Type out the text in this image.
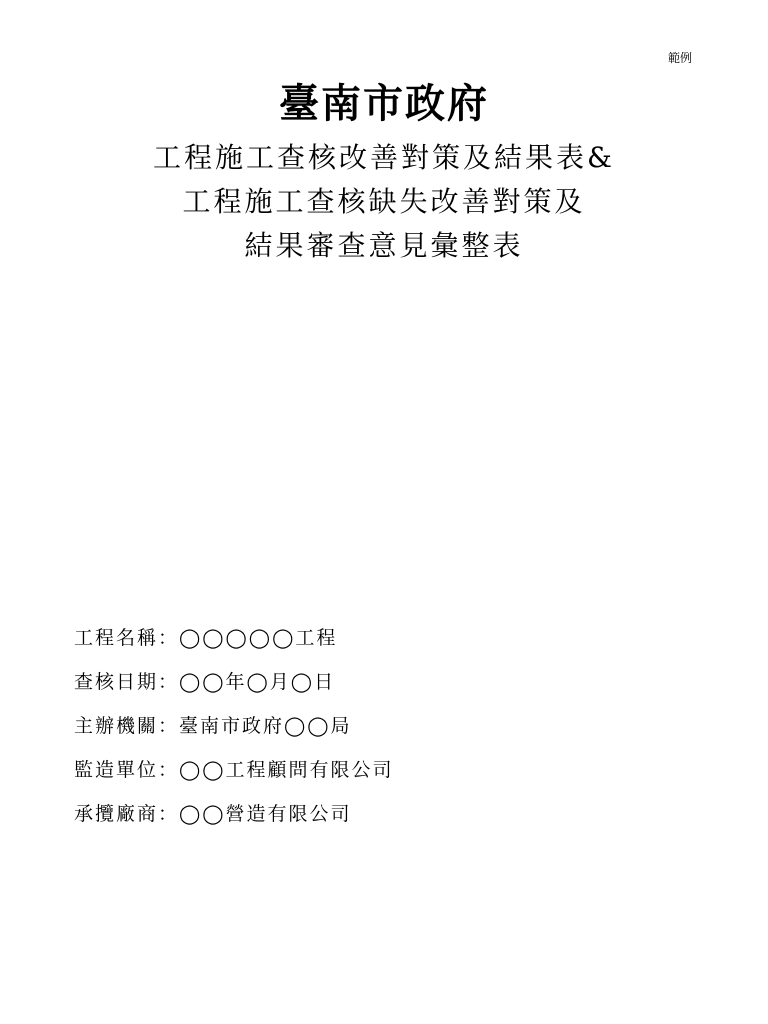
範例
臺南市政府
工程施工查核改善對策及結果表&
工程施工查核缺失改善對策及
結果審查意見彙整表
工程名稱：◯◯◯◯◯工程
查核日期：◯◯年◯月◯日
主辦機關：臺南市政府◯◯局
監造單位：◯◯工程顧問有限公司
承攬廠商：◯◯營造有限公司
